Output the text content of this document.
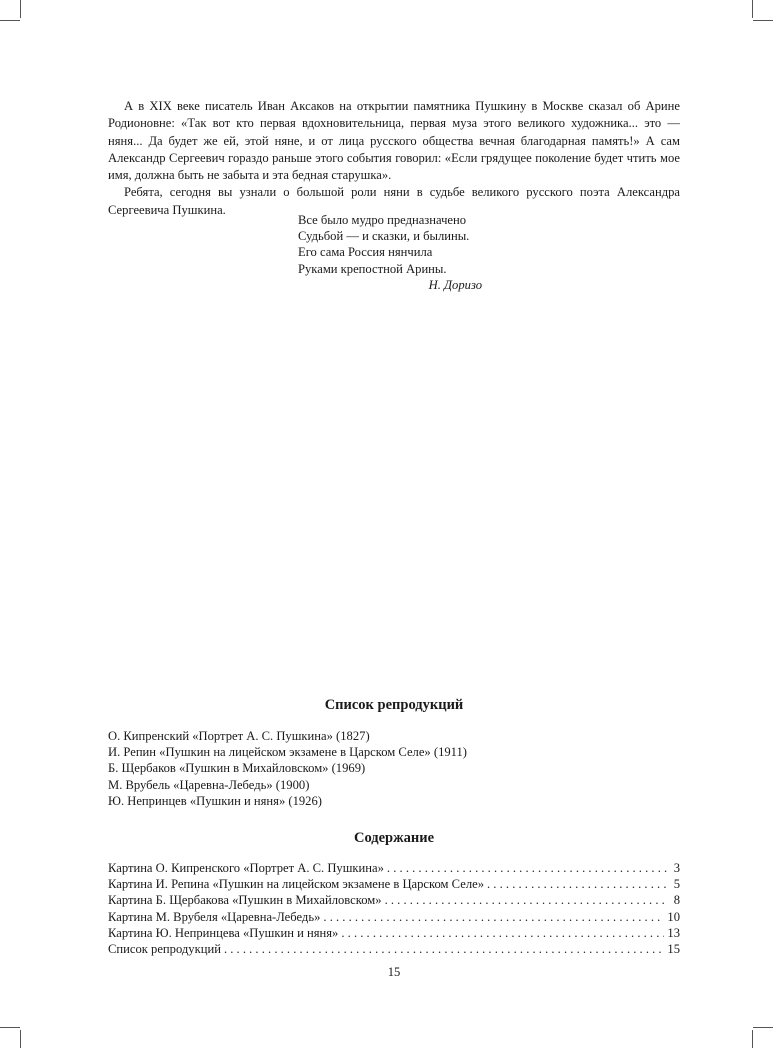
А в XIX веке писатель Иван Аксаков на открытии памятника Пушкину в Москве сказал об Арине Родионовне: «Так вот кто первая вдохновительница, первая муза этого великого художника... это — няня... Да будет же ей, этой няне, и от лица русского общества вечная благодарная память!» А сам Александр Сергеевич гораздо раньше этого события говорил: «Если грядущее поколение будет чтить мое имя, должна быть не забыта и эта бедная старушка».

Ребята, сегодня вы узнали о большой роли няни в судьбе великого русского поэта Александра Сергеевича Пушкина.

Все было мудро предназначено
Судьбой — и сказки, и былины.
Его сама Россия нянчила
Руками крепостной Арины.
Н. Доризо
Список репродукций
О. Кипренский «Портрет А. С. Пушкина» (1827)
И. Репин «Пушкин на лицейском экзамене в Царском Селе» (1911)
Б. Щербаков «Пушкин в Михайловском» (1969)
М. Врубель «Царевна-Лебедь» (1900)
Ю. Непринцев «Пушкин и няня» (1926)
Содержание
Картина О. Кипренского «Портрет А. С. Пушкина» . . .	3
Картина И. Репина «Пушкин на лицейском экзамене в Царском Селе» . . .	5
Картина Б. Щербакова «Пушкин в Михайловском» . . .	8
Картина М. Врубеля «Царевна-Лебедь» . . .	10
Картина Ю. Непринцева «Пушкин и няня» . . .	13
Список репродукций . . .	15
15
